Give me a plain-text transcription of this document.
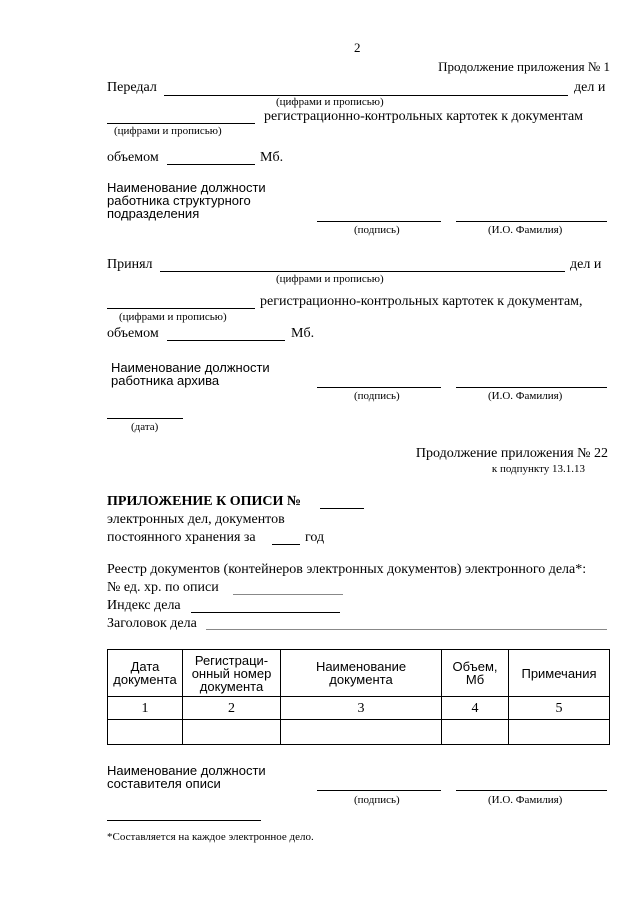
2
Продолжение приложения № 1
Передал	дел и
(цифрами и прописью)
регистрационно-контрольных картотек к документам
(цифрами и прописью)
объемом	Мб.
Наименование должности
работника структурного
подразделения
(подпись)	(И.О. Фамилия)
Принял	дел и
(цифрами и прописью)
регистрационно-контрольных картотек к документам,
(цифрами и прописью)
объемом	Мб.
Наименование должности
работника архива
(подпись)	(И.О. Фамилия)
(дата)
Продолжение приложения № 22
к подпункту 13.1.13
ПРИЛОЖЕНИЕ К ОПИСИ №
электронных дел, документов
постоянного хранения за	год
Реестр документов (контейнеров электронных документов) электронного дела*:
№ ед. хр. по описи
Индекс дела
Заголовок дела
Дата документа	Регистраци- онный номер документа	Наименование документа	Объем, Мб	Примечания
1	2	3	4	5

Наименование должности
составителя описи
(подпись)	(И.О. Фамилия)
*Составляется на каждое электронное дело.
